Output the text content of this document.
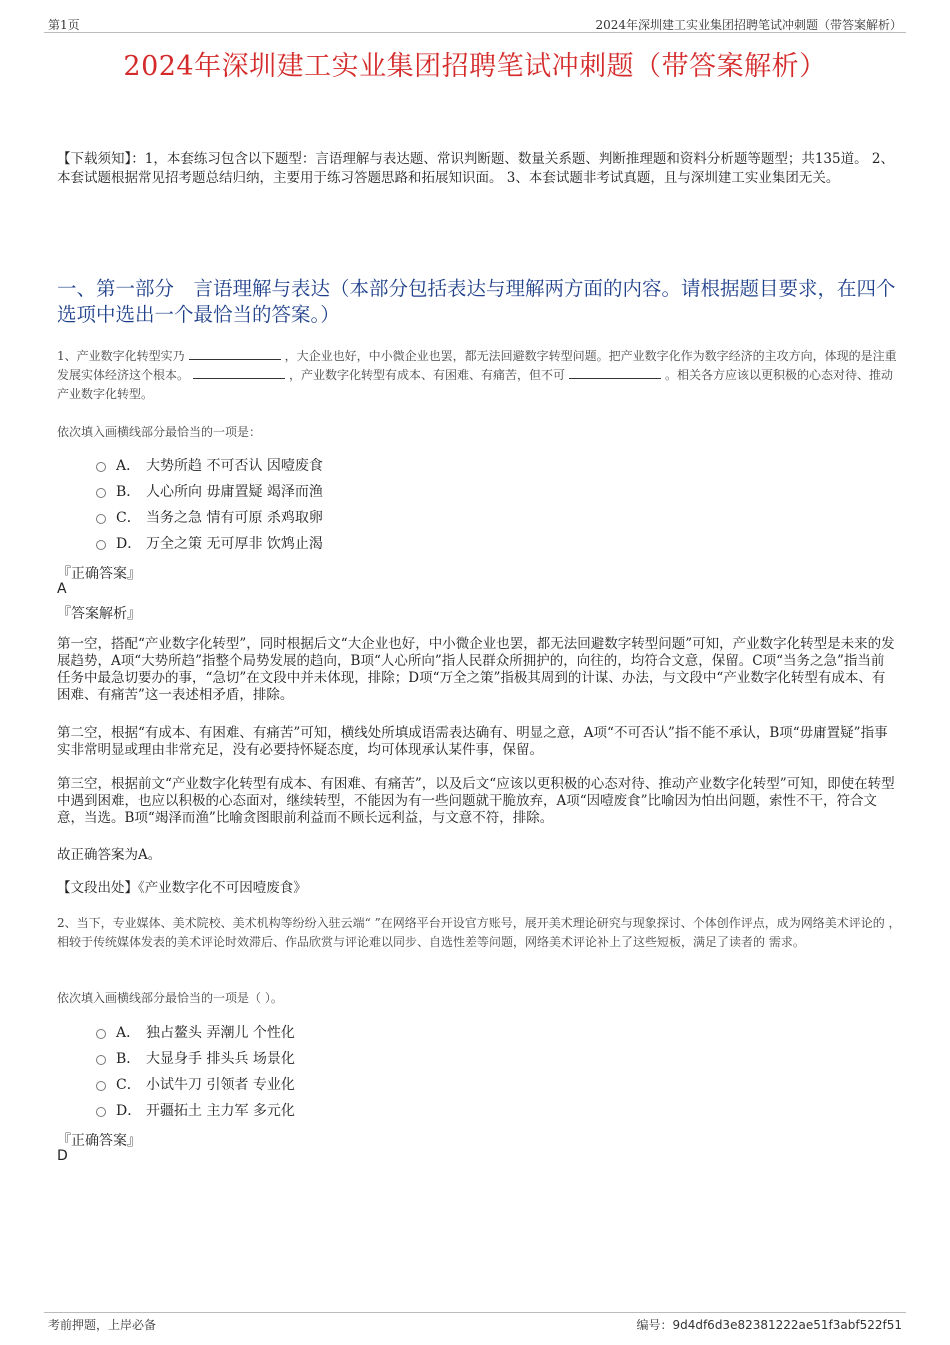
第1页	2024年深圳建工实业集团招聘笔试冲刺题（带答案解析）
2024年深圳建工实业集团招聘笔试冲刺题（带答案解析）
【下载须知】：1，本套练习包含以下题型：言语理解与表达题、常识判断题、数量关系题、判断推理题和资料分析题等题型；共135道。 2、本套试题根据常见招考题总结归纳，主要用于练习答题思路和拓展知识面。 3、本套试题非考试真题，且与深圳建工实业集团无关。
一、第一部分　言语理解与表达（本部分包括表达与理解两方面的内容。请根据题目要求，在四个选项中选出一个最恰当的答案。）
1、产业数字化转型实乃	，大企业也好，中小微企业也罢，都无法回避数字转型问题。把产业数字化作为数字经济的主攻方向，体现的是注重发展实体经济这个根本。	，产业数字化转型有成本、有困难、有痛苦，但不可	。相关各方应该以更积极的心态对待、推动产业数字化转型。
依次填入画横线部分最恰当的一项是：
A． 大势所趋 不可否认 因噎废食
B． 人心所向 毋庸置疑 竭泽而渔
C． 当务之急 情有可原 杀鸡取卵
D． 万全之策 无可厚非 饮鸩止渴
『正确答案』
A
『答案解析』
第一空，搭配“产业数字化转型”，同时根据后文“大企业也好，中小微企业也罢，都无法回避数字转型问题”可知，产业数字化转型是未来的发展趋势，A项“大势所趋”指整个局势发展的趋向，B项“人心所向”指人民群众所拥护的，向往的，均符合文意，保留。C项“当务之急”指当前任务中最急切要办的事，“急切”在文段中并未体现，排除；D项“万全之策”指极其周到的计谋、办法，与文段中“产业数字化转型有成本、有困难、有痛苦”这一表述相矛盾，排除。
第二空，根据“有成本、有困难、有痛苦”可知，横线处所填成语需表达确有、明显之意，A项“不可否认”指不能不承认，B项“毋庸置疑”指事实非常明显或理由非常充足，没有必要持怀疑态度，均可体现承认某件事，保留。
第三空，根据前文“产业数字化转型有成本、有困难、有痛苦”，以及后文“应该以更积极的心态对待、推动产业数字化转型”可知，即使在转型中遇到困难，也应以积极的心态面对，继续转型，不能因为有一些问题就干脆放弃，A项“因噎废食”比喻因为怕出问题，索性不干，符合文意，当选。B项“竭泽而渔”比喻贪图眼前利益而不顾长远利益，与文意不符，排除。
故正确答案为A。
【文段出处】《产业数字化不可因噎废食》
2、当下，专业媒体、美术院校、美术机构等纷纷入驻云端“ ”在网络平台开设官方账号，展开美术理论研究与现象探讨、个体创作评点，成为网络美术评论的 ，相较于传统媒体发表的美术评论时效滞后、作品欣赏与评论难以同步、自选性差等问题，网络美术评论补上了这些短板，满足了读者的 需求。
依次填入画横线部分最恰当的一项是（ ）。
A． 独占鳌头 弄潮儿 个性化
B． 大显身手 排头兵 场景化
C． 小试牛刀 引领者 专业化
D． 开疆拓土 主力军 多元化
『正确答案』
D
考前押题，上岸必备	编号：9d4df6d3e82381222ae51f3abf522f51
